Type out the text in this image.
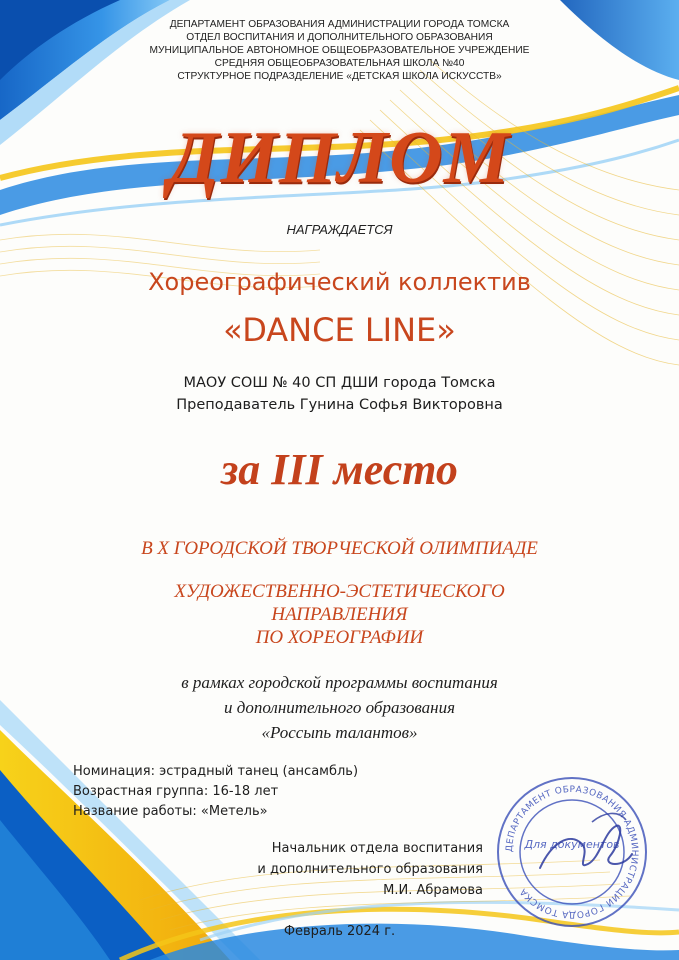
ДЕПАРТАМЕНТ ОБРАЗОВАНИЯ АДМИНИСТРАЦИИ ГОРОДА ТОМСКА
ОТДЕЛ ВОСПИТАНИЯ И ДОПОЛНИТЕЛЬНОГО ОБРАЗОВАНИЯ
МУНИЦИПАЛЬНОЕ АВТОНОМНОЕ ОБЩЕОБРАЗОВАТЕЛЬНОЕ УЧРЕЖДЕНИЕ
СРЕДНЯЯ ОБЩЕОБРАЗОВАТЕЛЬНАЯ ШКОЛА №40
СТРУКТУРНОЕ ПОДРАЗДЕЛЕНИЕ «ДЕТСКАЯ ШКОЛА ИСКУССТВ»
ДИПЛОМ
НАГРАЖДАЕТСЯ
Хореографический коллектив
«DANCE LINE»
МАОУ СОШ № 40 СП ДШИ города Томска
Преподаватель Гунина Софья Викторовна
за III место
В X ГОРОДСКОЙ ТВОРЧЕСКОЙ ОЛИМПИАДЕ
ХУДОЖЕСТВЕННО-ЭСТЕТИЧЕСКОГО
НАПРАВЛЕНИЯ
ПО ХОРЕОГРАФИИ
в рамках городской программы воспитания
и дополнительного образования
«Россыпь талантов»
Номинация: эстрадный танец (ансамбль)
Возрастная группа: 16-18 лет
Название работы: «Метель»
Начальник отдела воспитания
и дополнительного образования
М.И. Абрамова
ДЕПАРТАМЕНТ ОБРАЗОВАНИЯ АДМИНИСТРАЦИИ ГОРОДА ТОМСКА
Для документов
Февраль 2024 г.
